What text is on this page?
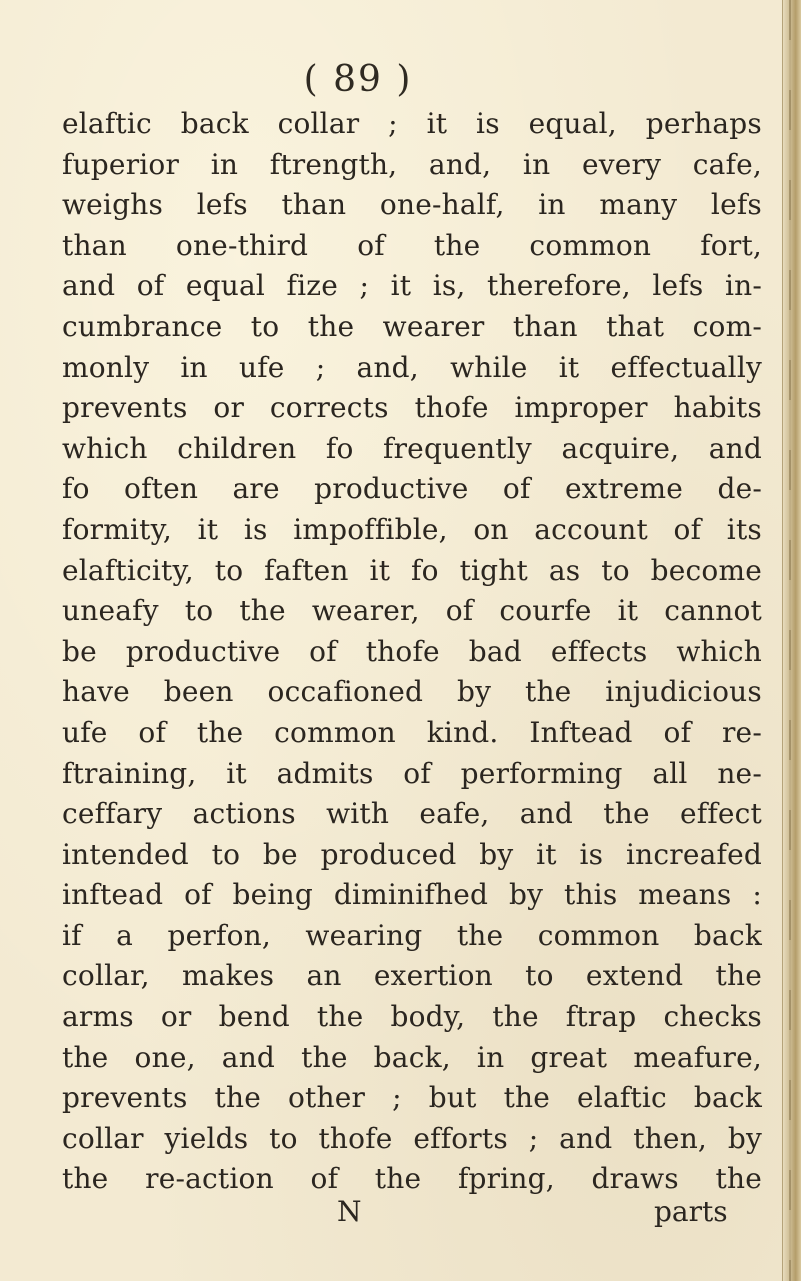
( 89 )
elaftic back collar ; it is equal, perhaps
fuperior in ftrength, and, in every cafe,
weighs lefs than one-half, in many lefs
than one-third of the common fort,
and of equal fize ; it is, therefore, lefs in-
cumbrance to the wearer than that com-
monly in ufe ; and, while it effectually
prevents or corrects thofe improper habits
which children fo frequently acquire, and
fo often are productive of extreme de-
formity, it is impoffible, on account of its
elafticity, to faften it fo tight as to become
uneafy to the wearer, of courfe it cannot
be productive of thofe bad effects which
have been occafioned by the injudicious
ufe of the common kind. Inftead of re-
ftraining, it admits of performing all ne-
ceffary actions with eafe, and the effect
intended to be produced by it is increafed
inftead of being diminifhed by this means :
if a perfon, wearing the common back
collar, makes an exertion to extend the
arms or bend the body, the ftrap checks
the one, and the back, in great meafure,
prevents the other ; but the elaftic back
collar yields to thofe efforts ; and then, by
the re-action of the fpring, draws the
N	parts
